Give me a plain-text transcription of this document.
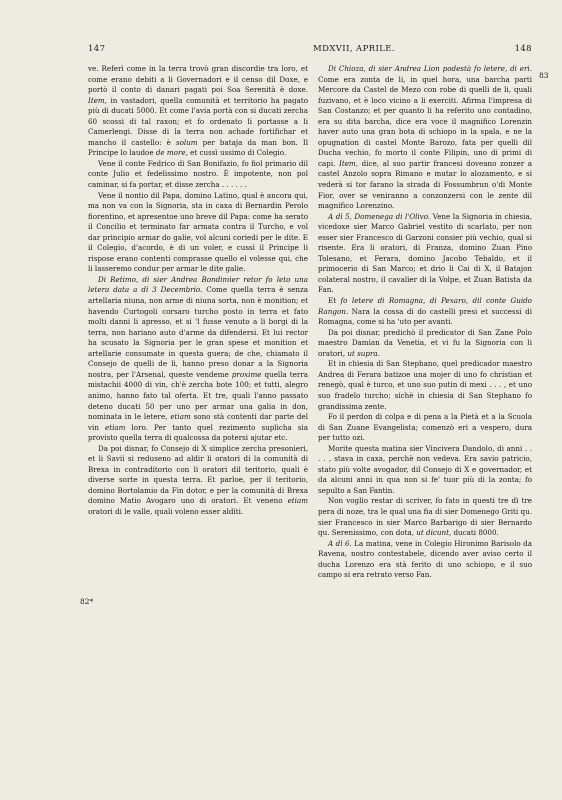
147	MDXVII, APRILE.	148
83
82*

ve. Referì come in la terra trovò gran discordie tra loro, et come erano debiti a li Governadori e il censo dil Doxe, e portò il conto di danari pagati poi Soa Serenità è doxe. Item, in vastadori, quella comunità et territorio ha pagato più di ducati 5000. Et come l'avia portà con si ducati zercha 60 scossi di tal raxon; et fo ordenato li portasse a li Camerlengi. Disse di la terra non achade fortifichar et mancho il castello: è solum per bataja da man bon. Il Principe lo laudoe de more, et cussì ussimo di Colegio.

Vene il conte Fedrico di San Bonifazio, fo fiol primario dil conte Julio et fedelissimo nostro. È impotente, non pol caminar, si fa portar, et disse zercha . . . . . .

Vene il nontio dil Papa, domino Latino, qual è ancora qui, ma non va con la Signoria, sta in caxa di Bernardin Perolo fiorentino, et apresentoe uno breve dil Papa: come ha serato il Concilio et terminato far armata contra il Turcho, e vol dar principio armar do galie, vol alcuni coriedi per le dite. E il Colegio, d'acordo, è di un voler, e cussì il Principe li rispose erano contenti comprasse quello el volesse qui, che li lasseremo condur per armar le dite galie.

Di Retimo, di sier Andrea Bondimier retor fo leto una letera data a dì 3 Decembrio. Come quella terra è senza artellaria niuna, non arme di niuna sorta, non è monition; et havendo Curtogoli corsaro turcho posto in terra et fato molti danni li apresso, et si 'l fusse venuto a li borgi di la terra, non hariano auto d'arme da difendersi. Et lui rector ha scusato la Signoria per le gran spese et monition et artellarie consumate in questa guera; de che, chiamato il Consejo de quelli de li, hanno preso donar a la Signoria nostra, per l'Arsenal, queste vendeme proxime quella terra mistachii 4000 di vin, ch'è zercha bote 100; et tutti, alegro animo, hanno fato tal oferta. Et tre, quali l'anno passato deteno ducati 50 per uno per armar una galia in don, nominata in le letere, etiam sono stà contenti dar parte del vin etiam loro. Per tanto quel rezimento suplicha sia provisto quella terra di qualcossa da potersi ajutar etc.

Da poi disnar, fo Consejo di X simplice zercha presonieri, et li Savii si reduseno ad aldir li oratori di la comunità di Brexa in contraditorio con li oratori dil teritorio, quali è diverse sorte in questa terra. Et parloe, per il teritorio, domino Bortolamio da Fin dotor, e per la comunità di Brexa domino Matio Avogaro uno di oratori. Et veneno etiam oratori di le valle, quali voleno esser aldìti.

Di Chioza, di sier Andrea Lion podestà fo letere, di eri. Come era zonta de li, in quel hora, una barcha parti Mercore da Castel de Mezo con robe di quelli de li, quali fuzivano, et è loco vicino a li exerciti. Afirma l'impresa di San Costanzo; et per quanto li ha referito uno contadino, era su dita barcha, dice era voce il magnifico Lorenzin haver auto una gran bota di schiopo in la spala, e ne la opugnation di castel Monte Barozo, fata per quelli dil Ducha vechio, fo morto il conte Filipin, uno di primi di capi. Item, dice, al suo partir francesi doveano zonzer a castel Anzolo sopra Rimano e mutar lo alozamento, e si vederà si tor farano la strada di Fossumbrun o'di Monte Fior, over se veniranno a conzonzersi con le zente dil magnifico Lorenzino.

A dì 5, Domenega di l'Olivo. Vene la Signoria in chiesia, vicedoxe sier Marco Gabriel vestito di scarlato, per non esser sier Francesco di Garzoni consier più vechio, qual si risente. Era li oratori, di Franza, domino Zuan Pino Tolesano, et Ferara, domino Jacobo Tebaldo, et il primocerio di San Marco; et drio li Cai di X, il Batajon colateral nostro, il cavalier di la Volpe, et Zuan Batista da Fan.

Et fo letere di Romagna, di Pexaro, dil conte Guido Rangon. Nara la cossa di do castelli presi et successi di Romagna, come si ha 'uto per avanti.

Da poi disnar, predichò il predicator di San Zane Polo maestro Damian da Venetia, et vi fu la Signoria con li oratori, ut supra.

Et in chiesia di San Stephano, quel predicador maestro Andrea di Ferara batizoe una mojer di uno fo christian et renegò, qual è turco, et uno suo putin di mexi . . . , et uno suo fradelo turcho; sichè in chiesia di San Stephano fo grandissima zente.

Fo il perdon di colpa e di pena a la Pietà et a la Scuola di San Zuane Evangelista; comenzò eri a vespero, dura per tutto ozi.

Morite questa matina sier Vincivera Dandolo, di anni . . . . , stava in caxa, perchè non vedeva. Era savio patricio, stato più volte avogador, dil Consejo di X e governador, et da alcuni anni in qua non si fe' tuor più di la zonta; fo sepulto a San Fantin.

Non voglio restar di scriver, fo fato in questi tre dì tre pera di noze, tra le qual una fia di sier Domenego Griti qu. sier Francesco in sier Marco Barbarigo di sier Bernardo qu. Serenissimo, con dota, ut dicunt, ducati 8000.

A dì 6. La matina, vene in Colegio Hironimo Barisolo da Ravena, nostro contestabele, dicendo aver aviso certo il ducha Lorenzo era stà ferito di uno schiopo, e il suo campo si era retrato verso Fan.
